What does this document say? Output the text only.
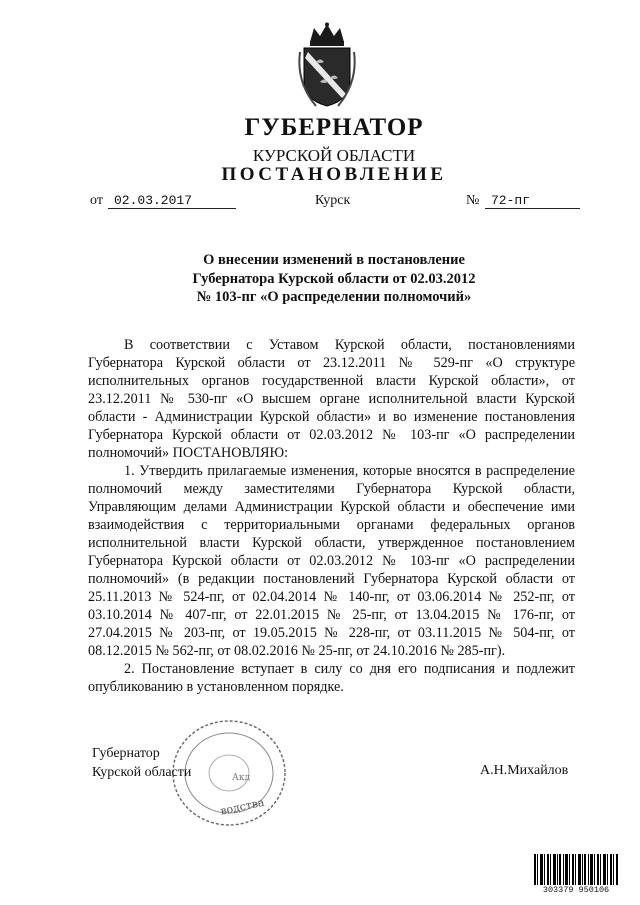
ГУБЕРНАТОР
КУРСКОЙ ОБЛАСТИ
ПОСТАНОВЛЕНИЕ
от 02.03.2017	Курск	№ 72-пг
О внесении изменений в постановление
Губернатора Курской области от 02.03.2012
№ 103-пг «О распределении полномочий»

В соответствии с Уставом Курской области, постановлениями Губернатора Курской области от 23.12.2011 № 529-пг «О структуре исполнительных органов государственной власти Курской области», от 23.12.2011 № 530-пг «О высшем органе исполнительной власти Курской области - Администрации Курской области» и во изменение постановления Губернатора Курской области от 02.03.2012 № 103-пг «О распределении полномочий» ПОСТАНОВЛЯЮ:

1. Утвердить прилагаемые изменения, которые вносятся в распределение полномочий между заместителями Губернатора Курской области, Управляющим делами Администрации Курской области и обеспечение ими взаимодействия с территориальными органами федеральных органов исполнительной власти Курской области, утвержденное постановлением Губернатора Курской области от 02.03.2012 № 103-пг «О распределении полномочий» (в редакции постановлений Губернатора Курской области от 25.11.2013 № 524-пг, от 02.04.2014 № 140-пг, от 03.06.2014 № 252-пг, от 03.10.2014 № 407-пг, от 22.01.2015 № 25-пг, от 13.04.2015 № 176-пг, от 27.04.2015 № 203-пг, от 19.05.2015 № 228-пг, от 03.11.2015 № 504-пг, от 08.12.2015 № 562-пг, от 08.02.2016 № 25-пг, от 24.10.2016 № 285-пг).

2. Постановление вступает в силу со дня его подписания и подлежит опубликованию в установленном порядке.

водства
Акд
Губернатор
Курской области	А.Н.Михайлов
303379 950106
